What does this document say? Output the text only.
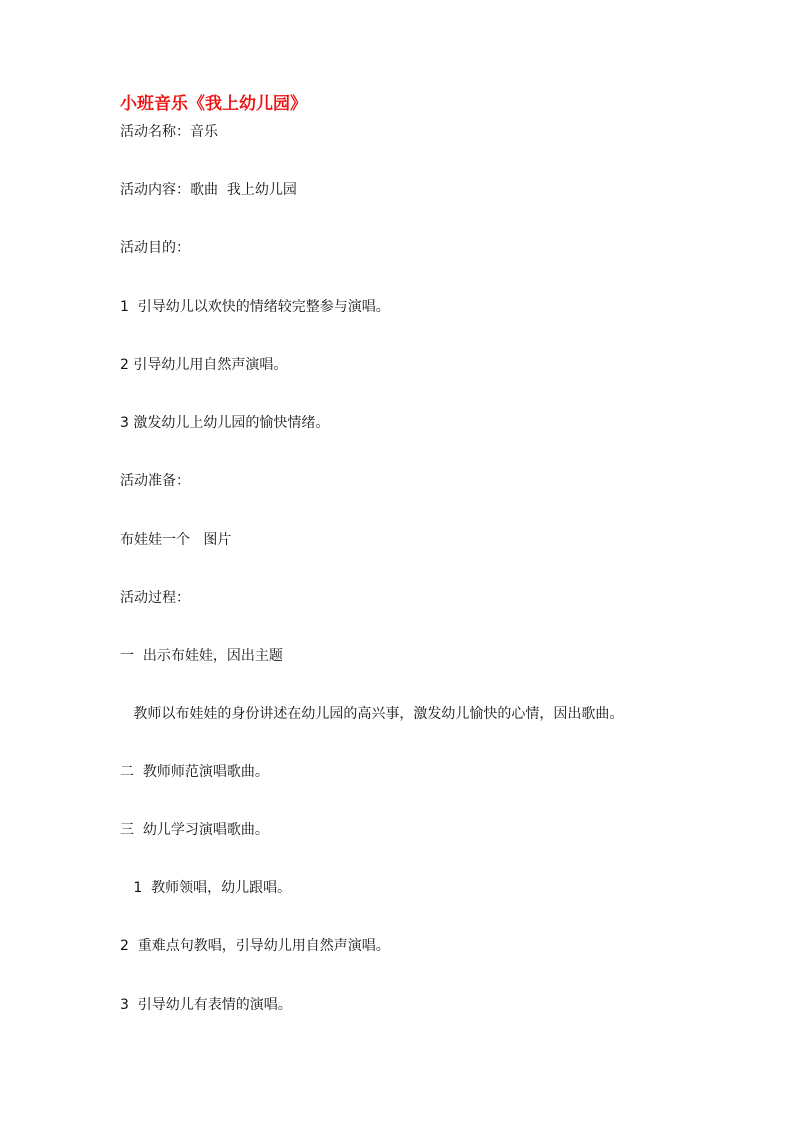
小班音乐《我上幼儿园》
活动名称：音乐
活动内容：歌曲  我上幼儿园
活动目的：
1  引导幼儿以欢快的情绪较完整参与演唱。
2 引导幼儿用自然声演唱。
3 激发幼儿上幼儿园的愉快情绪。
活动准备：
布娃娃一个   图片
活动过程：
一  出示布娃娃，因出主题
教师以布娃娃的身份讲述在幼儿园的高兴事，激发幼儿愉快的心情，因出歌曲。
二  教师师范演唱歌曲。
三  幼儿学习演唱歌曲。
1  教师领唱，幼儿跟唱。
2  重难点句教唱，引导幼儿用自然声演唱。
3  引导幼儿有表情的演唱。
